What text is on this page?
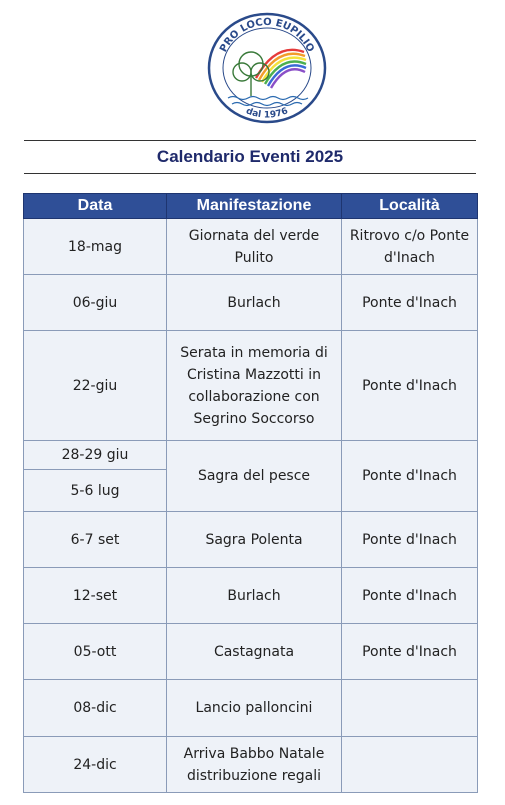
PRO LOCO EUPILIO
dal 1976
Calendario Eventi 2025
Data	Manifestazione	Località
18-mag	Giornata del verde Pulito	Ritrovo c/o Ponte d'Inach
06-giu	Burlach	Ponte d'Inach
22-giu	Serata in memoria di Cristina Mazzotti in collaborazione con Segrino Soccorso	Ponte d'Inach
28-29 giu	Sagra del pesce	Ponte d'Inach
5-6 lug		
6-7 set	Sagra Polenta	Ponte d'Inach
12-set	Burlach	Ponte d'Inach
05-ott	Castagnata	Ponte d'Inach
08-dic	Lancio palloncini	
24-dic	Arriva Babbo Natale distribuzione regali	
